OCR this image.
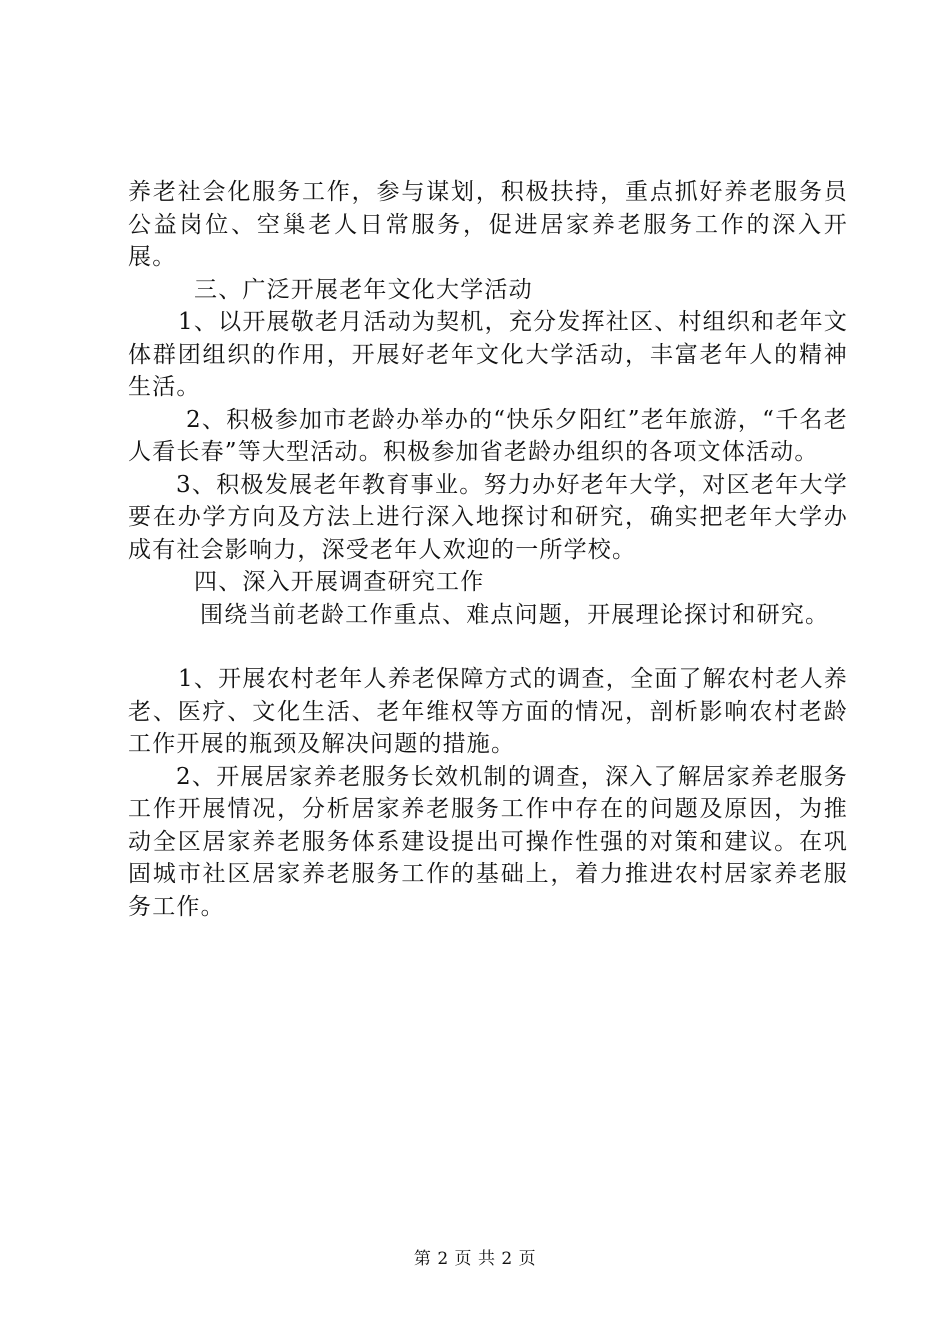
养老社会化服务工作，参与谋划，积极扶持，重点抓好养老服务员公益岗位、空巢老人日常服务，促进居家养老服务工作的深入开展。

三、广泛开展老年文化大学活动

1、以开展敬老月活动为契机，充分发挥社区、村组织和老年文体群团组织的作用，开展好老年文化大学活动，丰富老年人的精神生活。

2、积极参加市老龄办举办的“快乐夕阳红”老年旅游，“千名老人看长春”等大型活动。积极参加省老龄办组织的各项文体活动。

3、积极发展老年教育事业。努力办好老年大学，对区老年大学要在办学方向及方法上进行深入地探讨和研究，确实把老年大学办成有社会影响力，深受老年人欢迎的一所学校。

四、深入开展调查研究工作

围绕当前老龄工作重点、难点问题，开展理论探讨和研究。

1、开展农村老年人养老保障方式的调查，全面了解农村老人养老、医疗、文化生活、老年维权等方面的情况，剖析影响农村老龄工作开展的瓶颈及解决问题的措施。

2、开展居家养老服务长效机制的调查，深入了解居家养老服务工作开展情况，分析居家养老服务工作中存在的问题及原因，为推动全区居家养老服务体系建设提出可操作性强的对策和建议。在巩固城市社区居家养老服务工作的基础上，着力推进农村居家养老服务工作。

第 2 页 共 2 页
